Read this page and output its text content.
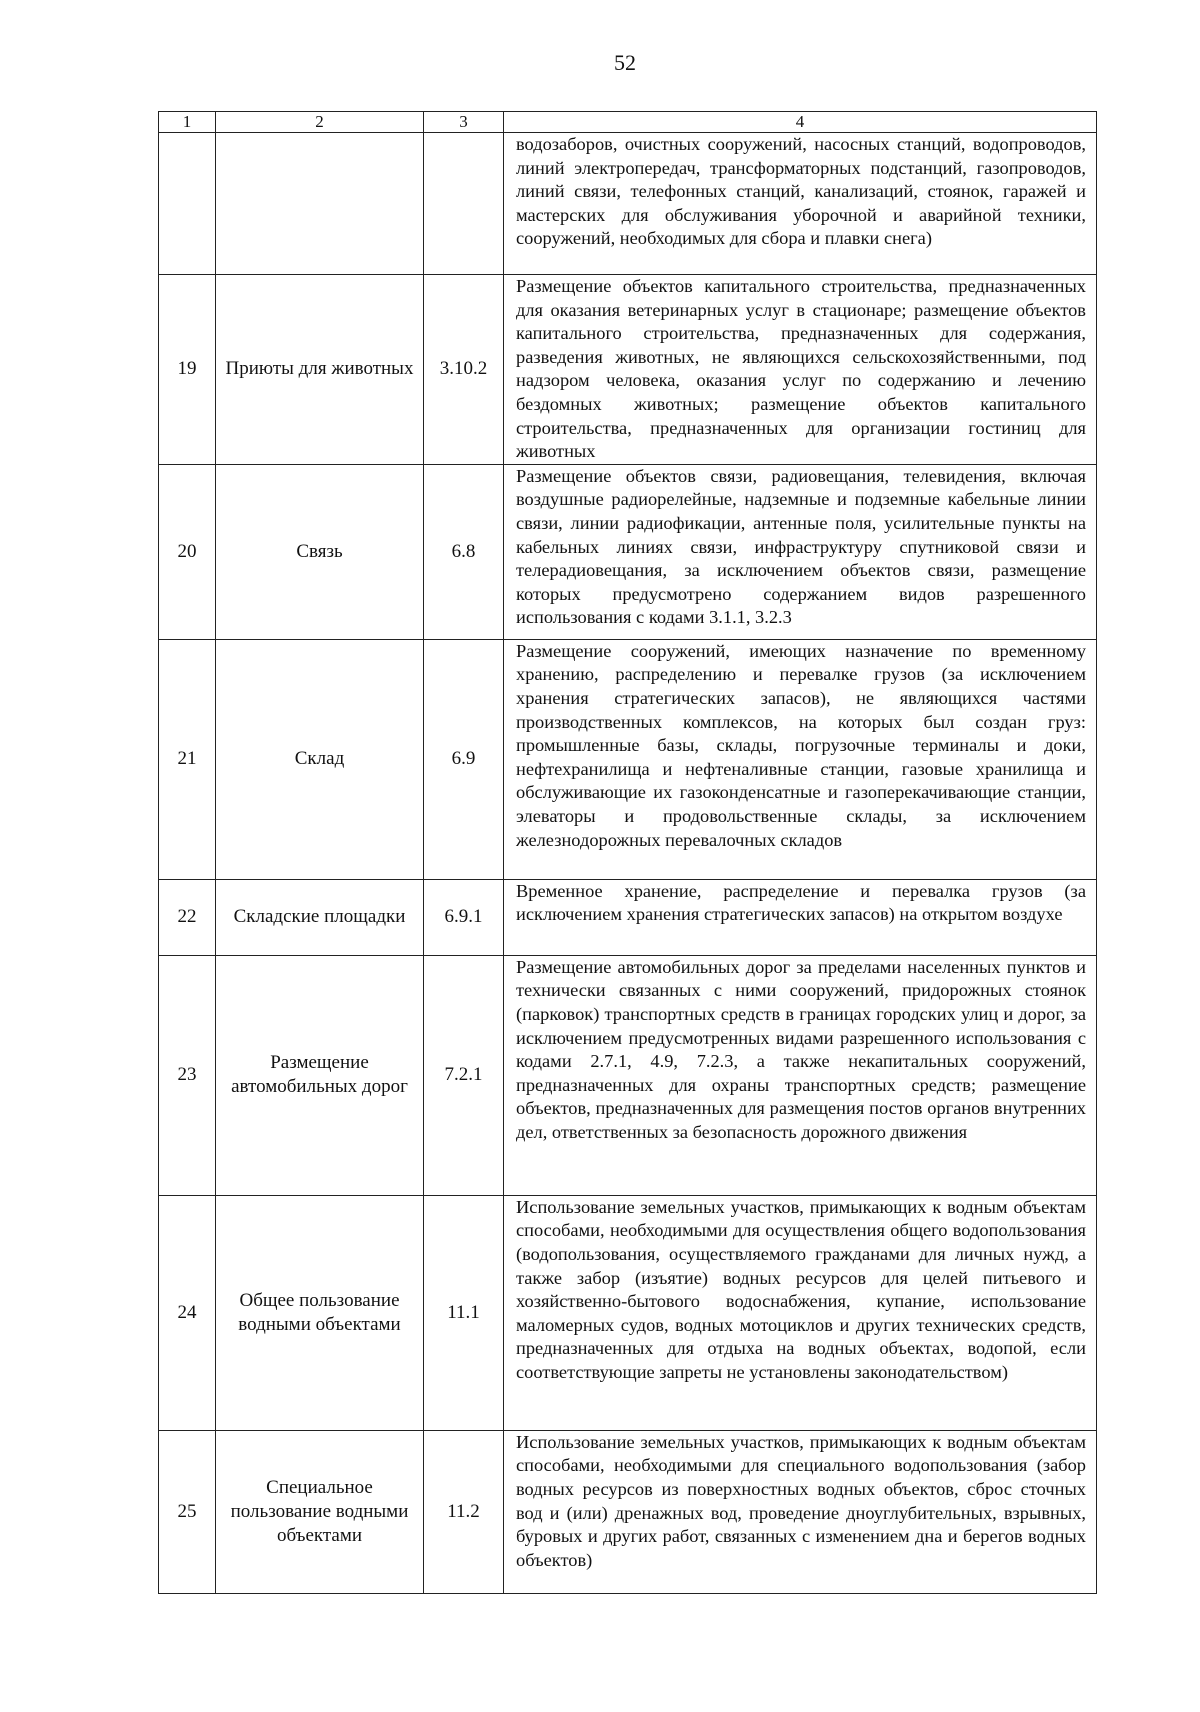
52
1	2	3	4
			водозаборов, очистных сооружений, насосных станций, водопроводов, линий электропередач, трансформаторных подстанций, газопроводов, линий связи, телефонных станций, канализаций, стоянок, гаражей и мастерских для обслуживания уборочной и аварийной техники, сооружений, необходимых для сбора и плавки снега)
19	Приюты для животных	3.10.2	Размещение объектов капитального строительства, предназначенных для оказания ветеринарных услуг в стационаре; размещение объектов капитального строительства, предназначенных для содержания, разведения животных, не являющихся сельскохозяйственными, под надзором человека, оказания услуг по содержанию и лечению бездомных животных; размещение объектов капитального строительства, предназначенных для организации гостиниц для животных
20	Связь	6.8	Размещение объектов связи, радиовещания, телевидения, включая воздушные радиорелейные, надземные и подземные кабельные линии связи, линии радиофикации, антенные поля, усилительные пункты на кабельных линиях связи, инфраструктуру спутниковой связи и телерадиовещания, за исключением объектов связи, размещение которых предусмотрено содержанием видов разрешенного использования с кодами 3.1.1, 3.2.3
21	Склад	6.9	Размещение сооружений, имеющих назначение по временному хранению, распределению и перевалке грузов (за исключением хранения стратегических запасов), не являющихся частями производственных комплексов, на которых был создан груз: промышленные базы, склады, погрузочные терминалы и доки, нефтехранилища и нефтеналивные станции, газовые хранилища и обслуживающие их газоконденсатные и газоперекачивающие станции, элеваторы и продовольственные склады, за исключением железнодорожных перевалочных складов
22	Складские площадки	6.9.1	Временное хранение, распределение и перевалка грузов (за исключением хранения стратегических запасов) на открытом воздухе
23	Размещение автомобильных дорог	7.2.1	Размещение автомобильных дорог за пределами населенных пунктов и технически связанных с ними сооружений, придорожных стоянок (парковок) транспортных средств в границах городских улиц и дорог, за исключением предусмотренных видами разрешенного использования с кодами 2.7.1, 4.9, 7.2.3, а также некапитальных сооружений, предназначенных для охраны транспортных средств; размещение объектов, предназначенных для размещения постов органов внутренних дел, ответственных за безопасность дорожного движения
24	Общее пользование водными объектами	11.1	Использование земельных участков, примыкающих к водным объектам способами, необходимыми для осуществления общего водопользования (водопользования, осуществляемого гражданами для личных нужд, а также забор (изъятие) водных ресурсов для целей питьевого и хозяйственно-бытового водоснабжения, купание, использование маломерных судов, водных мотоциклов и других технических средств, предназначенных для отдыха на водных объектах, водопой, если соответствующие запреты не установлены законодательством)
25	Специальное пользование водными объектами	11.2	Использование земельных участков, примыкающих к водным объектам способами, необходимыми для специального водопользования (забор водных ресурсов из поверхностных водных объектов, сброс сточных вод и (или) дренажных вод, проведение дноуглубительных, взрывных, буровых и других работ, связанных с изменением дна и берегов водных объектов)
